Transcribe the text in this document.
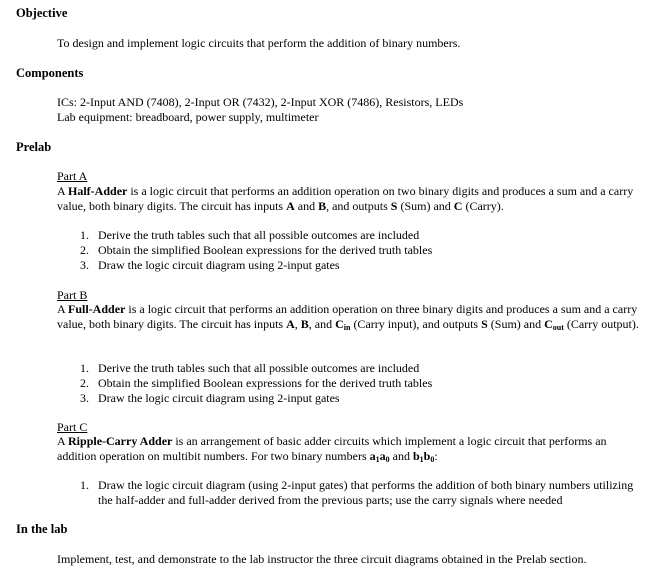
Objective
To design and implement logic circuits that perform the addition of binary numbers.
Components
ICs: 2-Input AND (7408), 2-Input OR (7432), 2-Input XOR (7486), Resistors, LEDs
Lab equipment: breadboard, power supply, multimeter
Prelab
Part A
A Half-Adder is a logic circuit that performs an addition operation on two binary digits and produces a sum and a carry value, both binary digits. The circuit has inputs A and B, and outputs S (Sum) and C (Carry).
1. Derive the truth tables such that all possible outcomes are included
2. Obtain the simplified Boolean expressions for the derived truth tables
3. Draw the logic circuit diagram using 2-input gates
Part B
A Full-Adder is a logic circuit that performs an addition operation on three binary digits and produces a sum and a carry value, both binary digits. The circuit has inputs A, B, and $C_{in}$ (Carry input), and outputs S (Sum) and $C_{out}$ (Carry output).
1. Derive the truth tables such that all possible outcomes are included
2. Obtain the simplified Boolean expressions for the derived truth tables
3. Draw the logic circuit diagram using 2-input gates
Part C
A Ripple-Carry Adder is an arrangement of basic adder circuits which implement a logic circuit that performs an addition operation on multibit numbers. For two binary numbers $a_1a_0$ and $b_1b_0$:
1. Draw the logic circuit diagram (using 2-input gates) that performs the addition of both binary numbers utilizing the half-adder and full-adder derived from the previous parts; use the carry signals where needed
In the lab
Implement, test, and demonstrate to the lab instructor the three circuit diagrams obtained in the Prelab section.
